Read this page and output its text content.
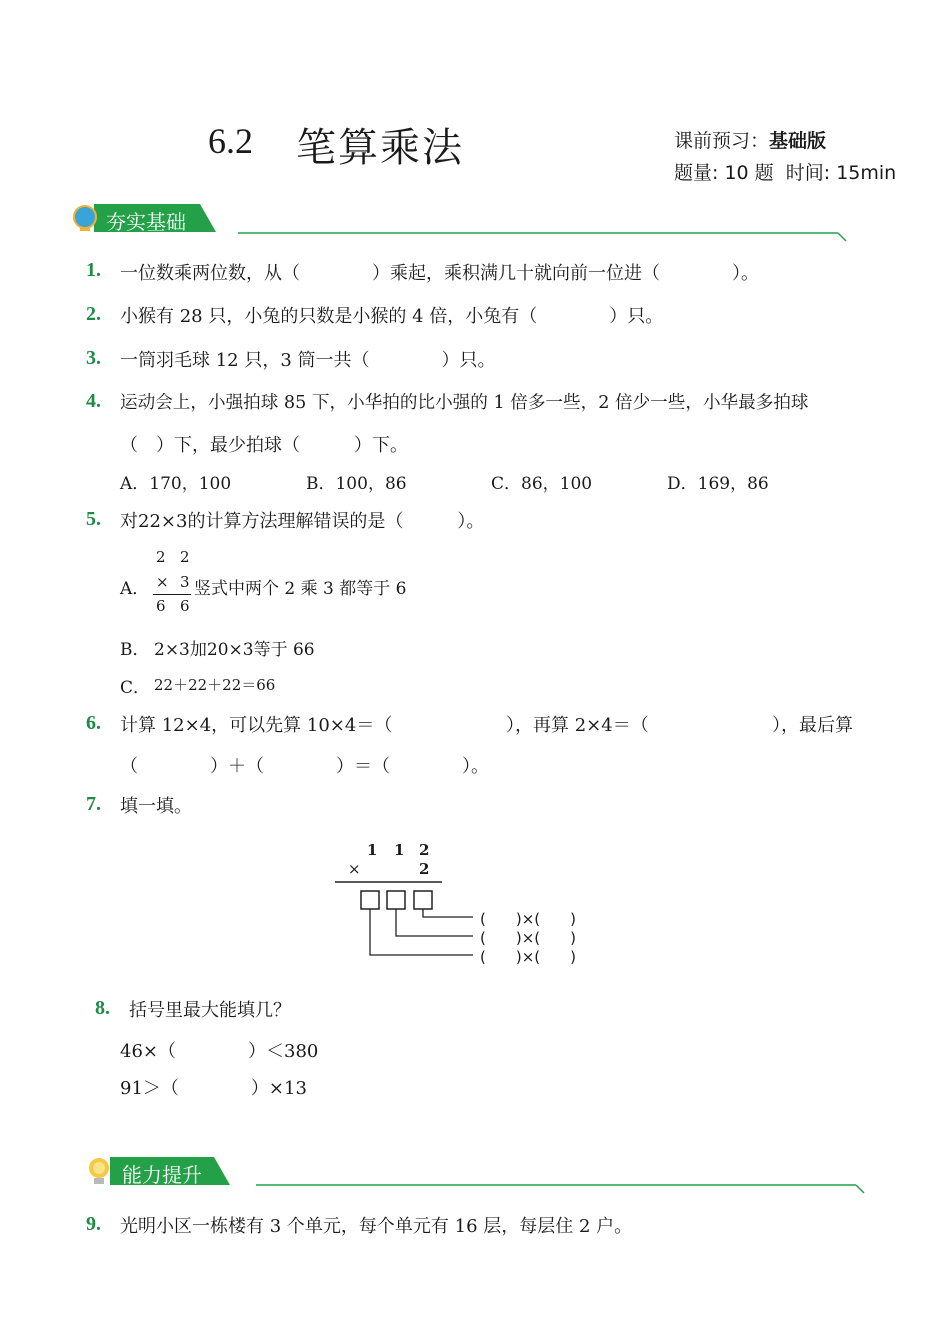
6.2 笔算乘法	课前预习：基础版
题量: 10 题 时间: 15min
夯实基础
1. 一位数乘两位数，从（　　　　）乘起，乘积满几十就向前一位进（　　　　）。
2. 小猴有 28 只，小兔的只数是小猴的 4 倍，小兔有（　　　　）只。
3. 一筒羽毛球 12 只，3 筒一共（　　　　）只。
4. 运动会上，小强拍球 85 下，小华拍的比小强的 1 倍多一些，2 倍少一些，小华最多拍球
（　）下，最少拍球（　　　）下。
A．170，100	B．100，86	C．86，100	D．169，86
5. 对22×3的计算方法理解错误的是（　　　）。
A．
2 2
× 3
6 6
竖式中两个 2 乘 3 都等于 6
B． 2×3加20×3等于 66
C． 22＋22＋22＝66
6. 计算 12×4，可以先算 10×4＝（	），再算 2×4＝（	），最后算
（　　　　）＋（　　　　）＝（　　　　）。
7. 填一填。
1 1 2
×	2
(　　)×(　　)
(　　)×(　　)
(　　)×(　　)
8. 括号里最大能填几？
46×（　　　　）＜380
91＞（　　　　）×13
能力提升
9. 光明小区一栋楼有 3 个单元，每个单元有 16 层，每层住 2 户。
